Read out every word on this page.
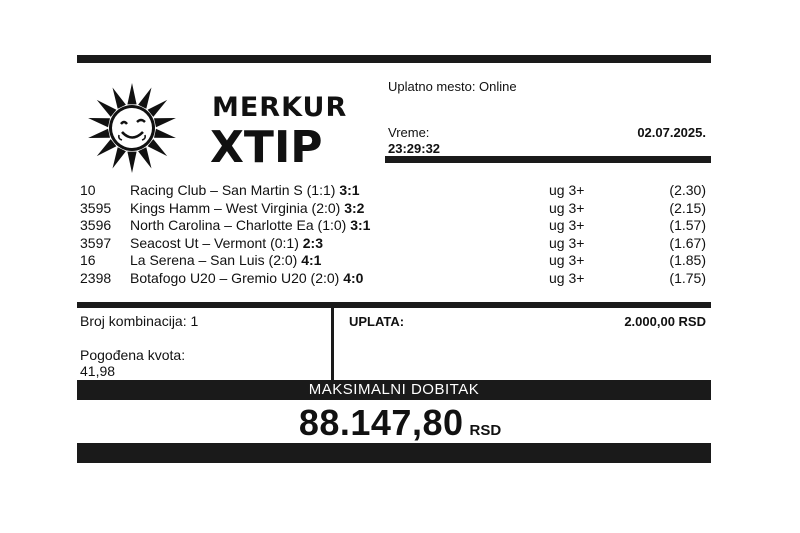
MERKUR
XTIP
Uplatno mesto: Online
Vreme:	02.07.2025.
23:29:32
10 Racing Club – San Martin S (1:1) 3:1	ug 3+	(2.30)
3595 Kings Hamm – West Virginia (2:0) 3:2	ug 3+	(2.15)
3596 North Carolina – Charlotte Ea (1:0) 3:1	ug 3+	(1.57)
3597 Seacost Ut – Vermont (0:1) 2:3	ug 3+	(1.67)
16 La Serena – San Luis (2:0) 4:1	ug 3+	(1.85)
2398 Botafogo U20 – Gremio U20 (2:0) 4:0	ug 3+	(1.75)
Broj kombinacija: 1
Pogođena kvota:
41,98
UPLATA:	2.000,00 RSD
MAKSIMALNI DOBITAK
88.147,80 RSD
